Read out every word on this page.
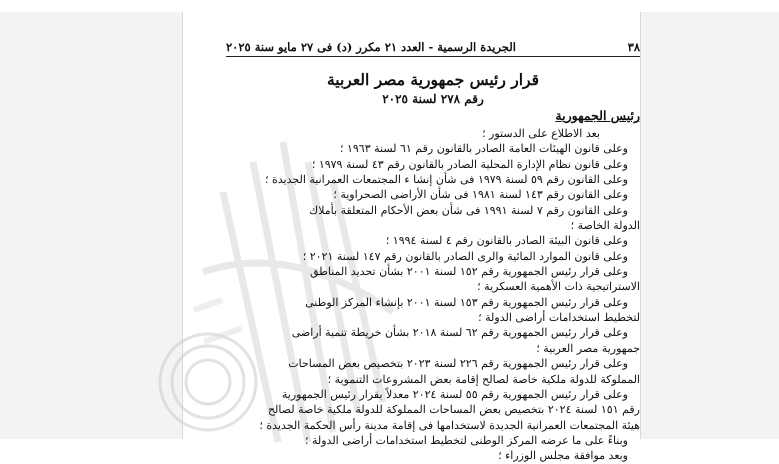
٣٨
الجريدة الرسمية - العدد ٢١ مكرر (د) فى ٢٧ مايو سنة ٢٠٢٥
قرار رئيس جمهورية مصر العربية
رقم ٢٧٨ لسنة ٢٠٢٥
رئيس الجمهورية
بعد الاطلاع على الدستور ؛
وعلى قانون الهيئات العامة الصادر بالقانون رقم ٦١ لسنة ١٩٦٣ ؛
وعلى قانون نظام الإدارة المحلية الصادر بالقانون رقم ٤٣ لسنة ١٩٧٩ ؛
وعلى القانون رقم ٥٩ لسنة ١٩٧٩ فى شأن إنشا ء المجتمعات العمرانية الجديدة ؛
وعلى القانون رقم ١٤٣ لسنة ١٩٨١ فى شأن الأراضى الصحراوية ؛
وعلى القانون رقم ٧ لسنة ١٩٩١ فى شأن بعض الأحكام المتعلقة بأملاك
الدولة الخاصة ؛
وعلى قانون البيئة الصادر بالقانون رقم ٤ لسنة ١٩٩٤ ؛
وعلى قانون الموارد المائية والرى الصادر بالقانون رقم ١٤٧ لسنة ٢٠٢١ ؛
وعلى قرار رئيس الجمهورية رقم ١٥٢ لسنة ٢٠٠١ بشأن تحديد المناطق
الاستراتيجية ذات الأهمية العسكرية ؛
وعلى قرار رئيس الجمهورية رقم ١٥٣ لسنة ٢٠٠١ بإنشاء المركز الوطنى
لتخطيط استخدامات أراضى الدولة ؛
وعلى قرار رئيس الجمهورية رقم ٦٢ لسنة ٢٠١٨ بشأن خريطة تنمية أراضى
جمهورية مصر العربية ؛
وعلى قرار رئيس الجمهورية رقم ٢٢٦ لسنة ٢٠٢٣ بتخصيص بعض المساحات
المملوكة للدولة ملكية خاصة لصالح إقامة بعض المشروعات التنموية ؛
وعلى قرار رئيس الجمهورية رقم ٥٥ لسنة ٢٠٢٤ معدلاً بقرار رئيس الجمهورية
رقم ١٥١ لسنة ٢٠٢٤ بتخصيص بعض المساحات المملوكة للدولة ملكية خاصة لصالح
هيئة المجتمعات العمرانية الجديدة لاستخدامها فى إقامة مدينة رأس الحكمة الجديدة ؛
وبناءً على ما عرضه المركز الوطنى لتخطيط استخدامات أراضى الدولة ؛
وبعد موافقة مجلس الوزراء ؛
